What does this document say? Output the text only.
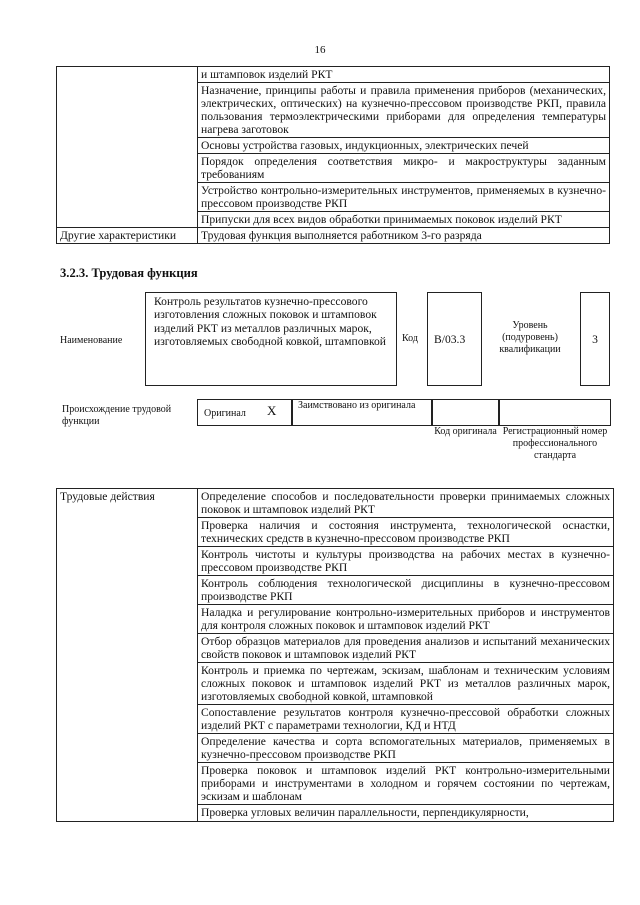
16
	и штамповок изделий РКТ
	Назначение, принципы работы и правила применения приборов (механических, электрических, оптических) на кузнечно-прессовом производстве РКП, правила пользования термоэлектрическими приборами для определения температуры нагрева заготовок
	Основы устройства газовых, индукционных, электрических печей
	Порядок определения соответствия микро- и макроструктуры заданным требованиям
	Устройство контрольно-измерительных инструментов, применяемых в кузнечно-прессовом производстве РКП
	Припуски для всех видов обработки принимаемых поковок изделий РКТ
Другие характеристики	Трудовая функция выполняется работником 3-го разряда
3.2.3. Трудовая функция
Наименование
Контроль результатов кузнечно-прессового изготовления сложных поковок и штамповок изделий РКТ из металлов различных марок, изготовляемых свободной ковкой, штамповкой	Код	В/03.3
Уровень (подуровень) квалификации
3
Происхождение трудовой функции
Оригинал X Заимствовано из оригинала
Код оригинала Регистрационный номер профессионального стандарта
Трудовые действия	Определение способов и последовательности проверки принимаемых сложных поковок и штамповок изделий РКТ
Проверка наличия и состояния инструмента, технологической оснастки, технических средств в кузнечно-прессовом производстве РКП
Контроль чистоты и культуры производства на рабочих местах в кузнечно-прессовом производстве РКП
Контроль соблюдения технологической дисциплины в кузнечно-прессовом производстве РКП
Наладка и регулирование контрольно-измерительных приборов и инструментов для контроля сложных поковок и штамповок изделий РКТ
Отбор образцов материалов для проведения анализов и испытаний механических свойств поковок и штамповок изделий РКТ
Контроль и приемка по чертежам, эскизам, шаблонам и техническим условиям сложных поковок и штамповок изделий РКТ из металлов различных марок, изготовляемых свободной ковкой, штамповкой
Сопоставление результатов контроля кузнечно-прессовой обработки сложных изделий РКТ с параметрами технологии, КД и НТД
Определение качества и сорта вспомогательных материалов, применяемых в кузнечно-прессовом производстве РКП
Проверка поковок и штамповок изделий РКТ контрольно-измерительными приборами и инструментами в холодном и горячем состоянии по чертежам, эскизам и шаблонам

Проверка угловых величин параллельности, перпендикулярности,
